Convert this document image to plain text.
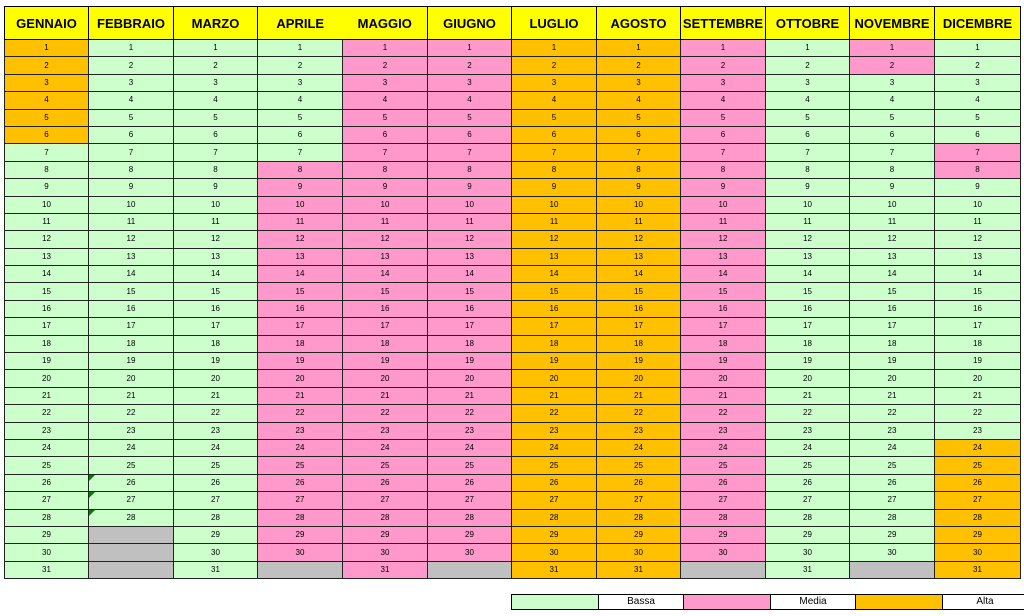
GENNAIO	FEBBRAIO	MARZO	APRILE	MAGGIO	GIUGNO	LUGLIO	AGOSTO	SETTEMBRE	OTTOBRE	NOVEMBRE	DICEMBRE
1	1	1	1	1	1	1	1	1	1	1	1
2	2	2	2	2	2	2	2	2	2	2	2
3	3	3	3	3	3	3	3	3	3	3	3
4	4	4	4	4	4	4	4	4	4	4	4
5	5	5	5	5	5	5	5	5	5	5	5
6	6	6	6	6	6	6	6	6	6	6	6
7	7	7	7	7	7	7	7	7	7	7	7
8	8	8	8	8	8	8	8	8	8	8	8
9	9	9	9	9	9	9	9	9	9	9	9
10	10	10	10	10	10	10	10	10	10	10	10
11	11	11	11	11	11	11	11	11	11	11	11
12	12	12	12	12	12	12	12	12	12	12	12
13	13	13	13	13	13	13	13	13	13	13	13
14	14	14	14	14	14	14	14	14	14	14	14
15	15	15	15	15	15	15	15	15	15	15	15
16	16	16	16	16	16	16	16	16	16	16	16
17	17	17	17	17	17	17	17	17	17	17	17
18	18	18	18	18	18	18	18	18	18	18	18
19	19	19	19	19	19	19	19	19	19	19	19
20	20	20	20	20	20	20	20	20	20	20	20
21	21	21	21	21	21	21	21	21	21	21	21
22	22	22	22	22	22	22	22	22	22	22	22
23	23	23	23	23	23	23	23	23	23	23	23
24	24	24	24	24	24	24	24	24	24	24	24
25	25	25	25	25	25	25	25	25	25	25	25
26	26	26	26	26	26	26	26	26	26	26	26
27	27	27	27	27	27	27	27	27	27	27	27
28	28	28	28	28	28	28	28	28	28	28	28
29		29	29	29	29	29	29	29	29	29	29
30		30	30	30	30	30	30	30	30	30	30
31		31		31		31	31		31		31
Bassa	Media	Alta
